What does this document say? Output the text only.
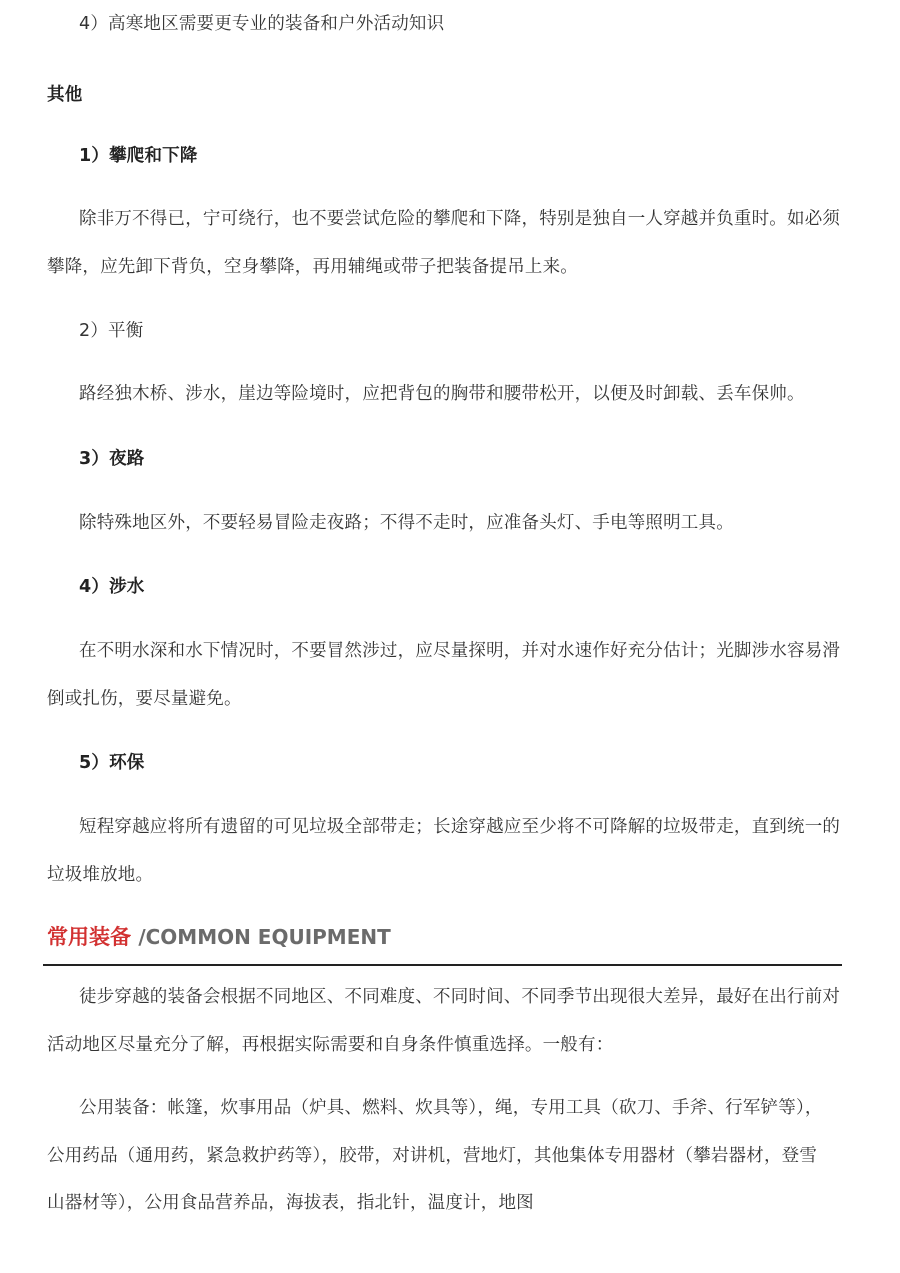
4）高寒地区需要更专业的装备和户外活动知识
其他
1）攀爬和下降
除非万不得已，宁可绕行，也不要尝试危险的攀爬和下降，特别是独自一人穿越并负重时。如必须
攀降，应先卸下背负，空身攀降，再用辅绳或带子把装备提吊上来。
2）平衡
路经独木桥、涉水，崖边等险境时，应把背包的胸带和腰带松开，以便及时卸载、丢车保帅。
3）夜路
除特殊地区外，不要轻易冒险走夜路；不得不走时，应准备头灯、手电等照明工具。
4）涉水
在不明水深和水下情况时，不要冒然涉过，应尽量探明，并对水速作好充分估计；光脚涉水容易滑
倒或扎伤，要尽量避免。
5）环保
短程穿越应将所有遗留的可见垃圾全部带走；长途穿越应至少将不可降解的垃圾带走，直到统一的
垃圾堆放地。
常用装备 /COMMON EQUIPMENT
徒步穿越的装备会根据不同地区、不同难度、不同时间、不同季节出现很大差异，最好在出行前对
活动地区尽量充分了解，再根据实际需要和自身条件慎重选择。一般有：
公用装备：帐篷，炊事用品（炉具、燃料、炊具等），绳，专用工具（砍刀、手斧、行军铲等），
公用药品（通用药，紧急救护药等），胶带，对讲机，营地灯，其他集体专用器材（攀岩器材，登雪
山器材等），公用食品营养品，海拔表，指北针，温度计，地图
